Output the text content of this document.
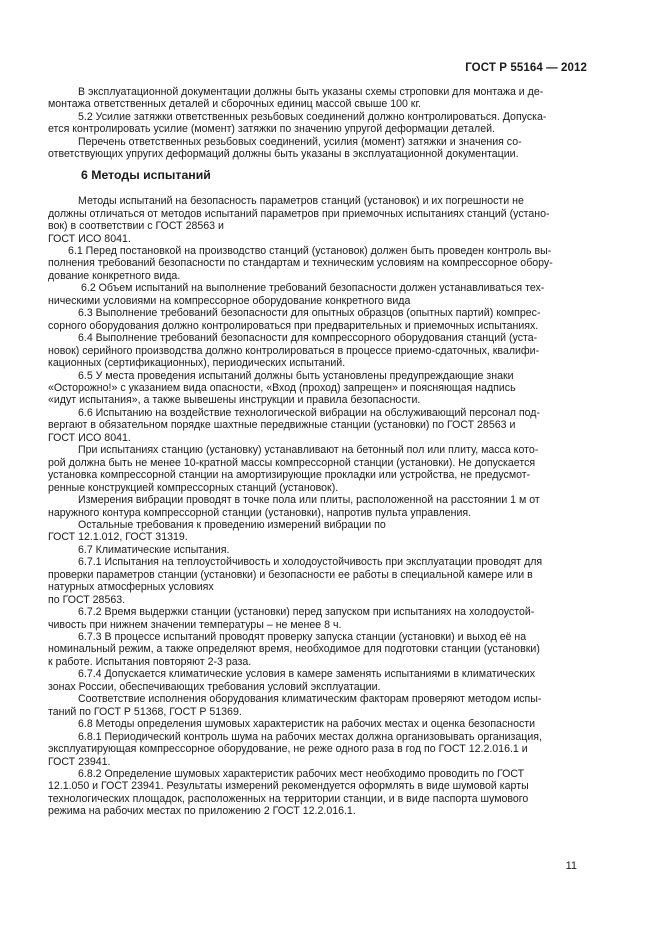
ГОСТ Р 55164 — 2012
В эксплуатационной документации должны быть указаны схемы строповки для монтажа и де-
монтажа ответственных деталей и сборочных единиц массой свыше 100 кг.
5.2 Усилие затяжки ответственных резьбовых соединений должно контролироваться. Допуска-
ется контролировать усилие (момент) затяжки по значению упругой деформации деталей.
Перечень ответственных резьбовых соединений, усилия (момент) затяжки и значения со-
ответствующих упругих деформаций должны быть указаны в эксплуатационной документации.
6 Методы испытаний
Методы испытаний на безопасность параметров станций (установок) и их погрешности не
должны отличаться от методов испытаний параметров при приемочных испытаниях станций (устано-
вок) в соответствии с ГОСТ 28563 и
ГОСТ ИСО 8041.
6.1 Перед постановкой на производство станций (установок) должен быть проведен контроль вы-
полнения требований безопасности по стандартам и техническим условиям на компрессорное обору-
дование конкретного вида.
6.2 Объем испытаний на выполнение требований безопасности должен устанавливаться тех-
ническими условиями на компрессорное оборудование конкретного вида
6.3 Выполнение требований безопасности для опытных образцов (опытных партий) компрес-
сорного оборудования должно контролироваться при предварительных и приемочных испытаниях.
6.4 Выполнение требований безопасности для компрессорного оборудования станций (уста-
новок) серийного производства должно контролироваться в процессе приемо-сдаточных, квалифи-
кационных (сертификационных), периодических испытаний.
6.5 У места проведения испытаний должны быть установлены предупреждающие знаки
«Осторожно!» с указанием вида опасности, «Вход (проход) запрещен» и поясняющая надпись
«идут испытания», а также вывешены инструкции и правила безопасности.
6.6 Испытанию на воздействие технологической вибрации на обслуживающий персонал под-
вергают в обязательном порядке шахтные передвижные станции (установки) по ГОСТ 28563 и
ГОСТ ИСО 8041.
При испытаниях станцию (установку) устанавливают на бетонный пол или плиту, масса кото-
рой должна быть не менее 10-кратной массы компрессорной станции (установки). Не допускается
установка компрессорной станции на амортизирующие прокладки или устройства, не предусмот-
ренные конструкцией компрессорных станций (установок).
Измерения вибрации проводят в точке пола или плиты, расположенной на расстоянии 1 м от
наружного контура компрессорной станции (установки), напротив пульта управления.
Остальные требования к проведению измерений вибрации по
ГОСТ 12.1.012, ГОСТ 31319.
6.7 Климатические испытания.
6.7.1 Испытания на теплоустойчивость и холодоустойчивость при эксплуатации проводят для
проверки параметров станции (установки) и безопасности ее работы в специальной камере или в
натурных атмосферных условиях
по ГОСТ 28563.
6.7.2 Время выдержки станции (установки) перед запуском при испытаниях на холодоустой-
чивость при нижнем значении температуры – не менее 8 ч.
6.7.3 В процессе испытаний проводят проверку запуска станции (установки) и выход её на
номинальный режим, а также определяют время, необходимое для подготовки станции (установки)
к работе. Испытания повторяют 2-3 раза.
6.7.4 Допускается климатические условия в камере заменять испытаниями в климатических
зонах России, обеспечивающих требования условий эксплуатации.
Соответствие исполнения оборудования климатическим факторам проверяют методом испы-
таний по ГОСТ Р 51368, ГОСТ Р 51369.
6.8 Методы определения шумовых характеристик на рабочих местах и оценка безопасности
6.8.1 Периодический контроль шума на рабочих местах должна организовывать организация,
эксплуатирующая компрессорное оборудование, не реже одного раза в год по ГОСТ 12.2.016.1 и
ГОСТ 23941.
6.8.2 Определение шумовых характеристик рабочих мест необходимо проводить по ГОСТ
12.1.050 и ГОСТ 23941. Результаты измерений рекомендуется оформлять в виде шумовой карты
технологических площадок, расположенных на территории станции, и в виде паспорта шумового
режима на рабочих местах по приложению 2 ГОСТ 12.2.016.1.
11
